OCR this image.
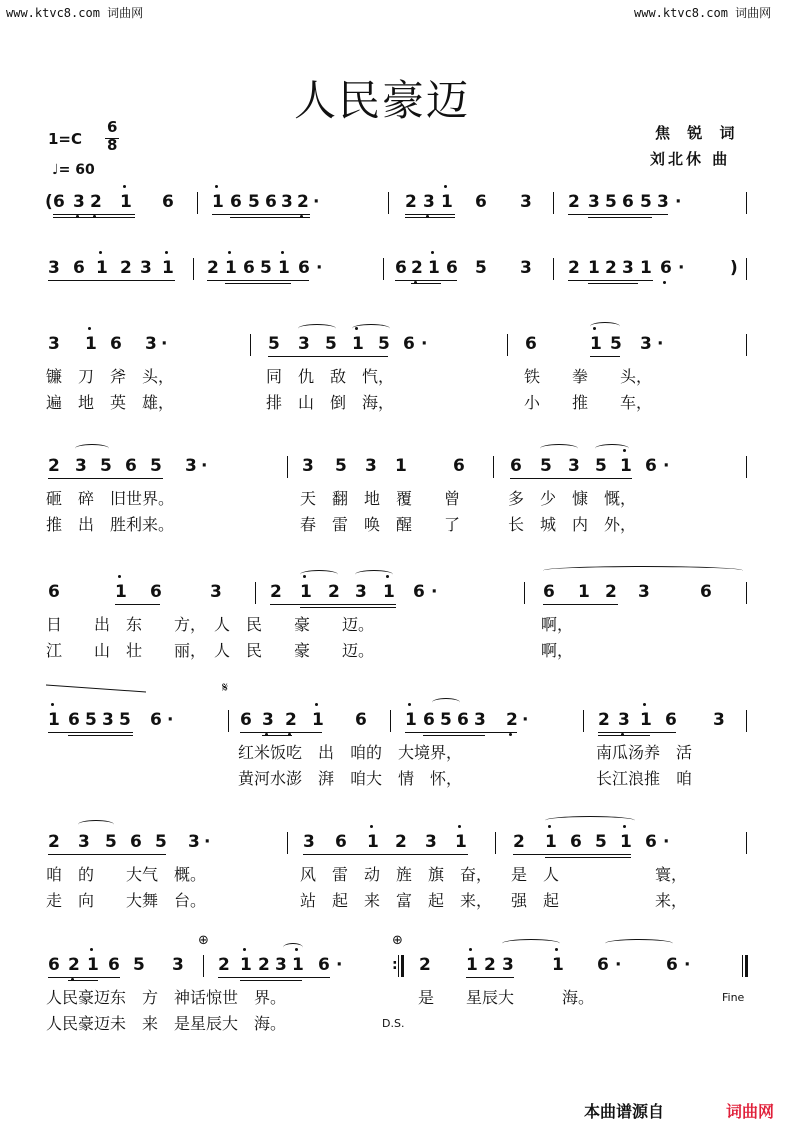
www.ktvc8.com 词曲网	www.ktvc8.com 词曲网
人民豪迈
1=C
6
8
♩= 60
焦 锐 词
刘北休 曲
( 6 3 2 1 6 1 6 5 6 3 2 ·	2 3 1 6 3 2 3 5 6 5 3 ·
3 6 1 2 3 1 2 1 6 5 1 6 ·	6 2 1 6 5 3 2 1 2 3 1 6 ·	)
3 1 6 3 ·	5 3 5 1 5 6 ·	6	1 5 3 ·
镰　刀　斧　头，	同　仇　敌　忾，	铁　　拳　　头，
遍　地　英　雄，	排　山　倒　海，	小　　推　　车，
2 3 5 6 5 3 ·	3 5 3 1	6	6 5 3 5 1 6 ·
砸　碎　旧世界。	天　翻　地　覆　　曾	多　少　慷　慨，
推　出　胜利来。	春　雷　唤　醒　　了	长　城　内　外，
6	1 6	3	2 1 2 3 1 6 ·	6 1 2 3	6
日　　出　东　　方，　人　民　　豪　　迈。	啊，
江　　山　壮　　丽，　人　民　　豪　　迈。	啊，
𝄋
1 6 5 3 5 6 ·	6 3 2 1 6 1 6 5 6 3 2 ·	2 3 1 6 3
红米饭吃　出　咱的　大境界，	南瓜汤养　活
黄河水澎　湃　咱大　情　怀，	长江浪推　咱
2 3 5 6 5 3 ·	3 6 1 2 3 1	2 1 6 5 1 6 ·
咱　的　　大气　概。	风　雷　动　旌　旗　奋， 是　人　　　　　　寰，
走　向　　大舞　台。	站　起　来　富　起　来， 强　起　　　　　　来，
⊕	⊕
6 2 1 6 5 3 2 1 2 3 1 6 ·	2 1 2 3 1 6 ·	6 ·
:
人民豪迈东　方　神话惊世　界。	是　　星辰大　　　海。
人民豪迈未　来　是星辰大　海。	D.S.
Fine
本曲谱源自	词曲网
